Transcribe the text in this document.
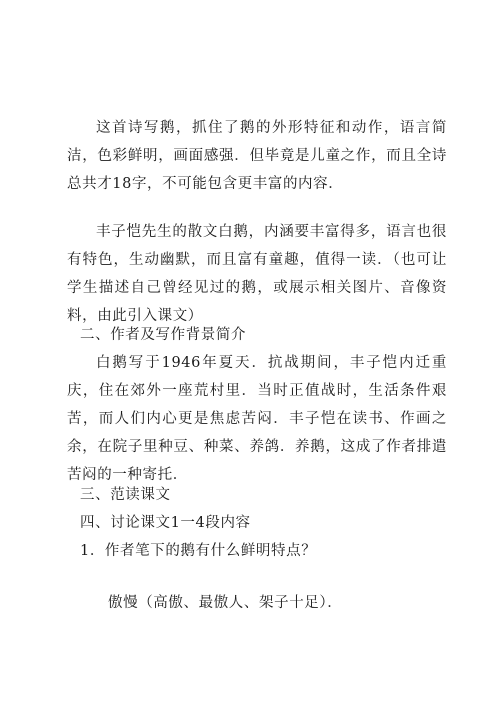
这首诗写鹅，抓住了鹅的外形特征和动作，语言简洁，色彩鲜明，画面感强．但毕竟是儿童之作，而且全诗总共才18字，不可能包含更丰富的内容．

丰子恺先生的散文白鹅，内涵要丰富得多，语言也很有特色，生动幽默，而且富有童趣，值得一读．（也可让学生描述自己曾经见过的鹅，或展示相关图片、音像资料，由此引入课文）

二、作者及写作背景简介

白鹅写于1946年夏天．抗战期间，丰子恺内迁重庆，住在郊外一座荒村里．当时正值战时，生活条件艰苦，而人们内心更是焦虑苦闷．丰子恺在读书、作画之余，在院子里种豆、种菜、养鸽．养鹅，这成了作者排遣苦闷的一种寄托．

三、范读课文

四、讨论课文1一4段内容

1．作者笔下的鹅有什么鲜明特点？

傲慢（高傲、最傲人、架子十足）．
